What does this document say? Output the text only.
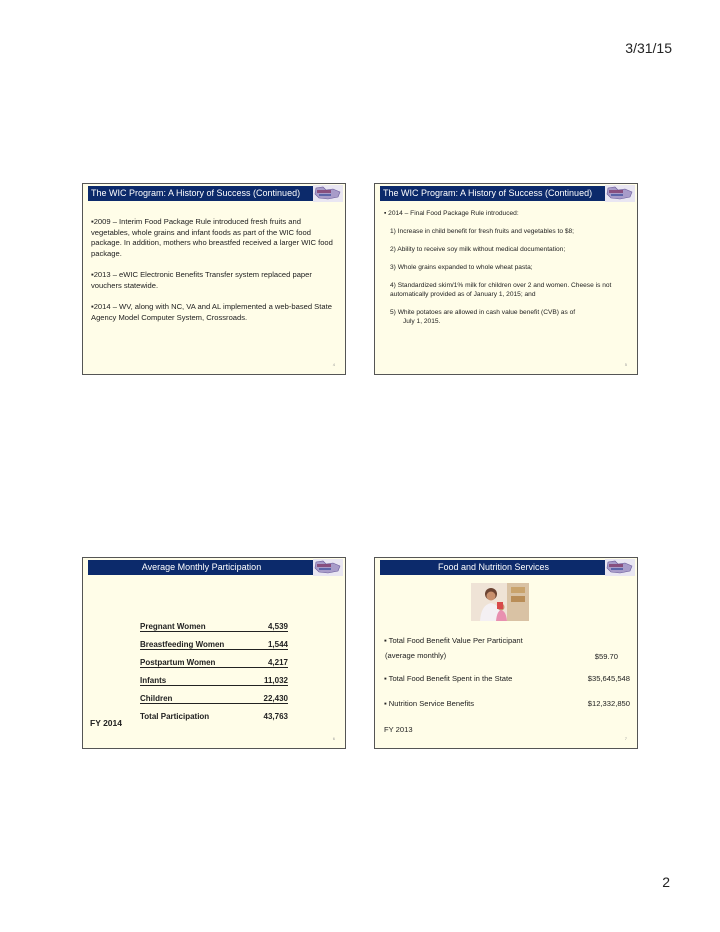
3/31/15
The WIC Program: A History of Success (Continued)

▪2009 – Interim Food Package Rule introduced fresh fruits and vegetables, whole grains and infant foods as part of the WIC food package. In addition, mothers who breastfed received a larger WIC food package.

▪2013 – eWIC Electronic Benefits Transfer system replaced paper vouchers statewide.

▪2014 – WV, along with NC, VA and AL implemented a web-based State Agency Model Computer System, Crossroads.

4
The WIC Program: A History of Success (Continued)

▪ 2014 – Final Food Package Rule introduced:

1) Increase in child benefit for fresh fruits and vegetables to $8;

2) Ability to receive soy milk without medical documentation;

3) Whole grains expanded to whole wheat pasta;

4) Standardized skim/1% milk for children over 2 and women. Cheese is not automatically provided as of January 1, 2015; and

5) White potatoes are allowed in cash value benefit (CVB) as of
July 1, 2015.

5
Average Monthly Participation
Pregnant Women	4,539
Breastfeeding Women	1,544
Postpartum Women	4,217
Infants	11,032
Children	22,430
Total Participation	43,763
FY 2014
6
Food and Nutrition Services
▪ Total Food Benefit Value Per Participant
(average monthly)	$59.70
▪ Total Food Benefit Spent in the State	$35,645,548
▪ Nutrition Service Benefits	$12,332,850
FY 2013
7
2
